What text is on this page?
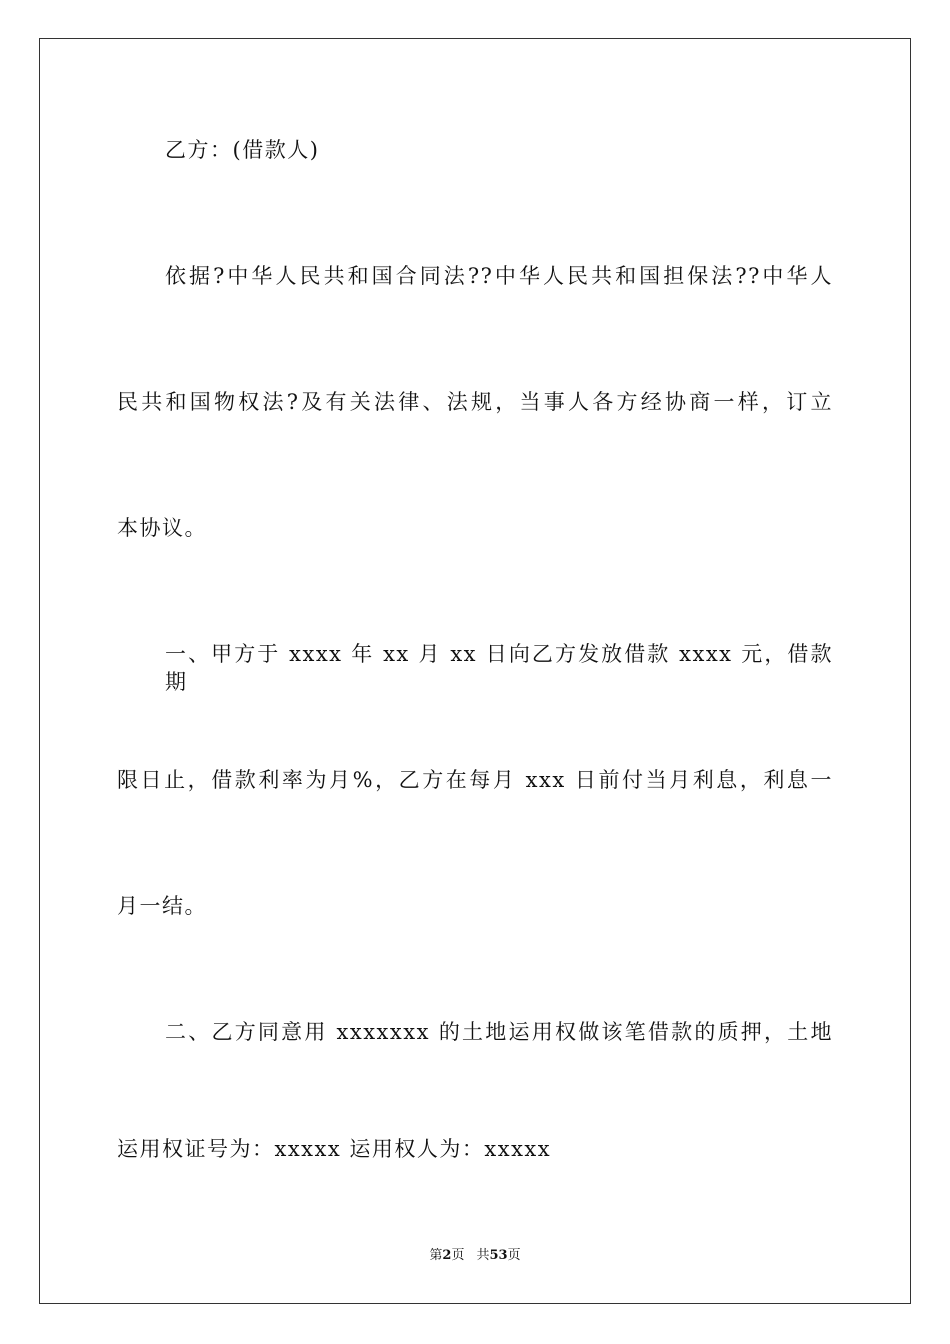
乙方：(借款人)
依据?中华人民共和国合同法??中华人民共和国担保法??中华人
民共和国物权法?及有关法律、法规，当事人各方经协商一样，订立
本协议。
一、甲方于 xxxx 年 xx 月 xx 日向乙方发放借款 xxxx 元，借款期
限日止，借款利率为月%，乙方在每月 xxx 日前付当月利息，利息一
月一结。
二、乙方同意用 xxxxxxx 的土地运用权做该笔借款的质押，土地
运用权证号为：xxxxx 运用权人为：xxxxx
第2页 共53页
